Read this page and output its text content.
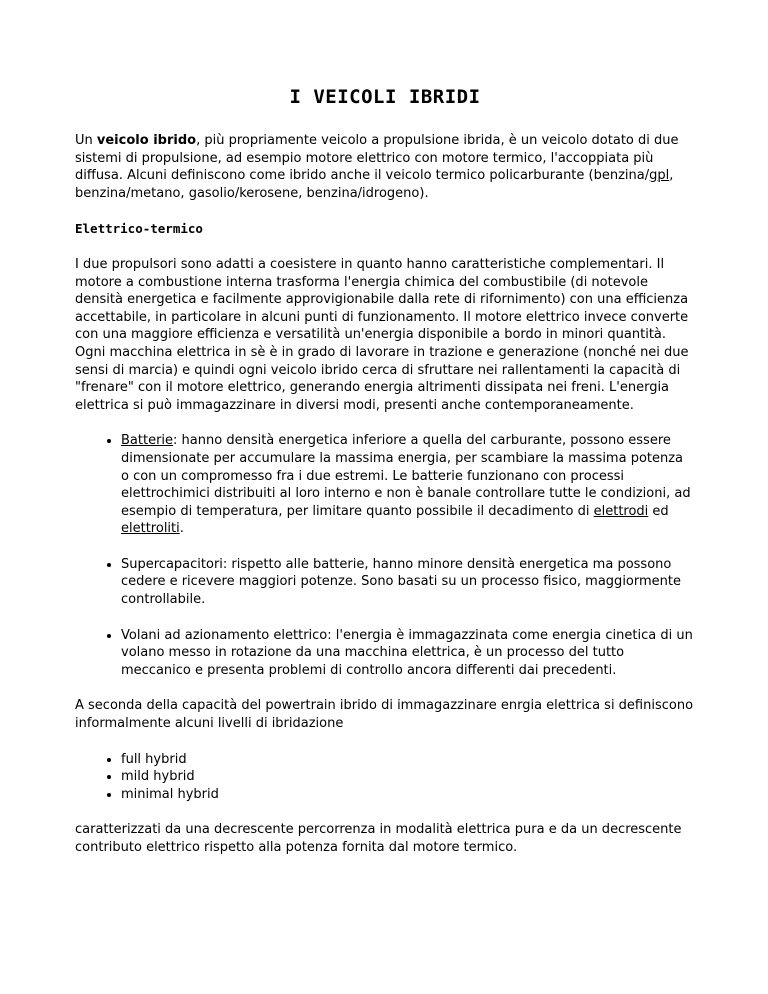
I VEICOLI IBRIDI

Un veicolo ibrido, più propriamente veicolo a propulsione ibrida, è un veicolo dotato di due sistemi di propulsione, ad esempio motore elettrico con motore termico, l'accoppiata più diffusa. Alcuni definiscono come ibrido anche il veicolo termico policarburante (benzina/gpl, benzina/metano, gasolio/kerosene, benzina/idrogeno).

Elettrico-termico

I due propulsori sono adatti a coesistere in quanto hanno caratteristiche complementari. Il motore a combustione interna trasforma l'energia chimica del combustibile (di notevole densità energetica e facilmente approvigionabile dalla rete di rifornimento) con una efficienza accettabile, in particolare in alcuni punti di funzionamento. Il motore elettrico invece converte con una maggiore efficienza e versatilità un'energia disponibile a bordo in minori quantità. Ogni macchina elettrica in sè è in grado di lavorare in trazione e generazione (nonché nei due sensi di marcia) e quindi ogni veicolo ibrido cerca di sfruttare nei rallentamenti la capacità di "frenare" con il motore elettrico, generando energia altrimenti dissipata nei freni. L'energia elettrica si può immagazzinare in diversi modi, presenti anche contemporaneamente.

• Batterie: hanno densità energetica inferiore a quella del carburante, possono essere dimensionate per accumulare la massima energia, per scambiare la massima potenza o con un compromesso fra i due estremi. Le batterie funzionano con processi elettrochimici distribuiti al loro interno e non è banale controllare tutte le condizioni, ad esempio di temperatura, per limitare quanto possibile il decadimento di elettrodi ed elettroliti.
• Supercapacitori: rispetto alle batterie, hanno minore densità energetica ma possono cedere e ricevere maggiori potenze. Sono basati su un processo fisico, maggiormente controllabile.
• Volani ad azionamento elettrico: l'energia è immagazzinata come energia cinetica di un volano messo in rotazione da una macchina elettrica, è un processo del tutto meccanico e presenta problemi di controllo ancora differenti dai precedenti.

A seconda della capacità del powertrain ibrido di immagazzinare enrgia elettrica si definiscono informalmente alcuni livelli di ibridazione

• full hybrid
• mild hybrid
• minimal hybrid

caratterizzati da una decrescente percorrenza in modalità elettrica pura e da un decrescente contributo elettrico rispetto alla potenza fornita dal motore termico.
